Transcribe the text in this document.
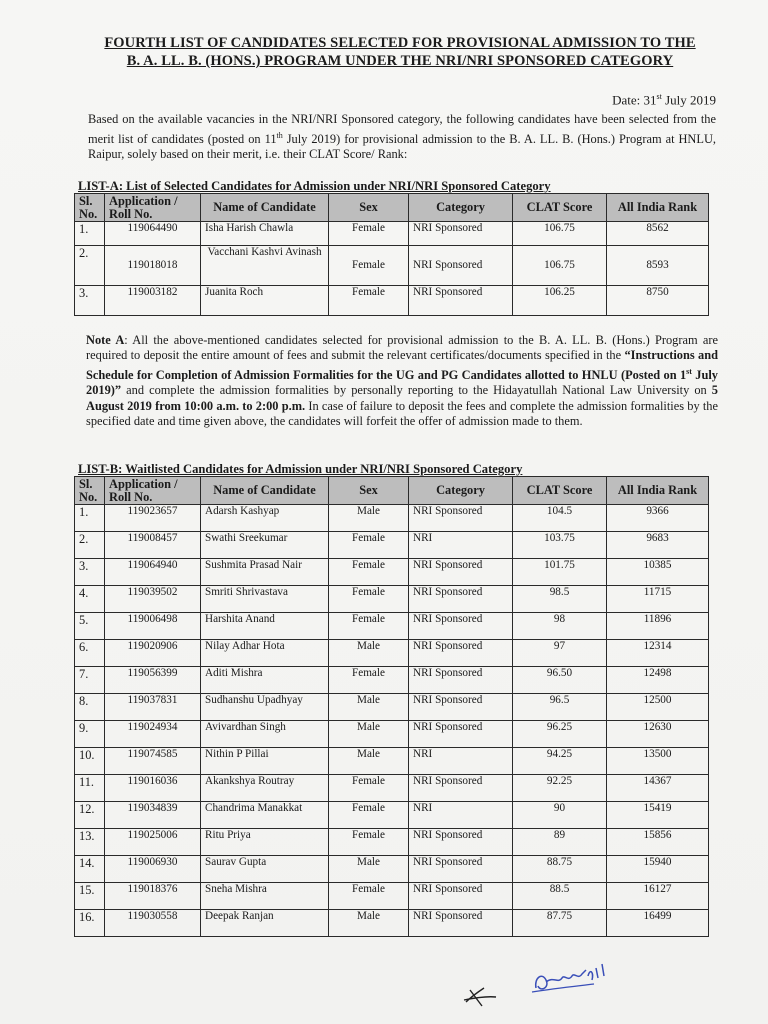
FOURTH LIST OF CANDIDATES SELECTED FOR PROVISIONAL ADMISSION TO THE
B. A. LL. B. (HONS.) PROGRAM UNDER THE NRI/NRI SPONSORED CATEGORY
Date: 31st July 2019
Based on the available vacancies in the NRI/NRI Sponsored category, the following candidates have been selected from the merit list of candidates (posted on 11th July 2019) for provisional admission to the B. A. LL. B. (Hons.) Program at HNLU, Raipur, solely based on their merit, i.e. their CLAT Score/ Rank:
LIST-A: List of Selected Candidates for Admission under NRI/NRI Sponsored Category
Sl. No.	Application / Roll No.	Name of Candidate	Sex	Category	CLAT Score	All India Rank
1.	119064490	Isha Harish Chawla	Female	NRI Sponsored	106.75	8562
2.	119018018	Vacchani Kashvi Avinash	Female	NRI Sponsored	106.75	8593
3.	119003182	Juanita Roch	Female	NRI Sponsored	106.25	8750
Note A: All the above-mentioned candidates selected for provisional admission to the B. A. LL. B. (Hons.) Program are required to deposit the entire amount of fees and submit the relevant certificates/documents specified in the “Instructions and Schedule for Completion of Admission Formalities for the UG and PG Candidates allotted to HNLU (Posted on 1st July 2019)” and complete the admission formalities by personally reporting to the Hidayatullah National Law University on 5 August 2019 from 10:00 a.m. to 2:00 p.m. In case of failure to deposit the fees and complete the admission formalities by the specified date and time given above, the candidates will forfeit the offer of admission made to them.
LIST-B: Waitlisted Candidates for Admission under NRI/NRI Sponsored Category
Sl. No.	Application / Roll No.	Name of Candidate	Sex	Category	CLAT Score	All India Rank
1.	119023657	Adarsh Kashyap	Male	NRI Sponsored	104.5	9366
2.	119008457	Swathi Sreekumar	Female	NRI	103.75	9683
3.	119064940	Sushmita Prasad Nair	Female	NRI Sponsored	101.75	10385
4.	119039502	Smriti Shrivastava	Female	NRI Sponsored	98.5	11715
5.	119006498	Harshita Anand	Female	NRI Sponsored	98	11896
6.	119020906	Nilay Adhar Hota	Male	NRI Sponsored	97	12314
7.	119056399	Aditi Mishra	Female	NRI Sponsored	96.50	12498
8.	119037831	Sudhanshu Upadhyay	Male	NRI Sponsored	96.5	12500
9.	119024934	Avivardhan Singh	Male	NRI Sponsored	96.25	12630
10.	119074585	Nithin P Pillai	Male	NRI	94.25	13500
11.	119016036	Akankshya Routray	Female	NRI Sponsored	92.25	14367
12.	119034839	Chandrima Manakkat	Female	NRI	90	15419
13.	119025006	Ritu Priya	Female	NRI Sponsored	89	15856
14.	119006930	Saurav Gupta	Male	NRI Sponsored	88.75	15940
15.	119018376	Sneha Mishra	Female	NRI Sponsored	88.5	16127
16.	119030558	Deepak Ranjan	Male	NRI Sponsored	87.75	16499
